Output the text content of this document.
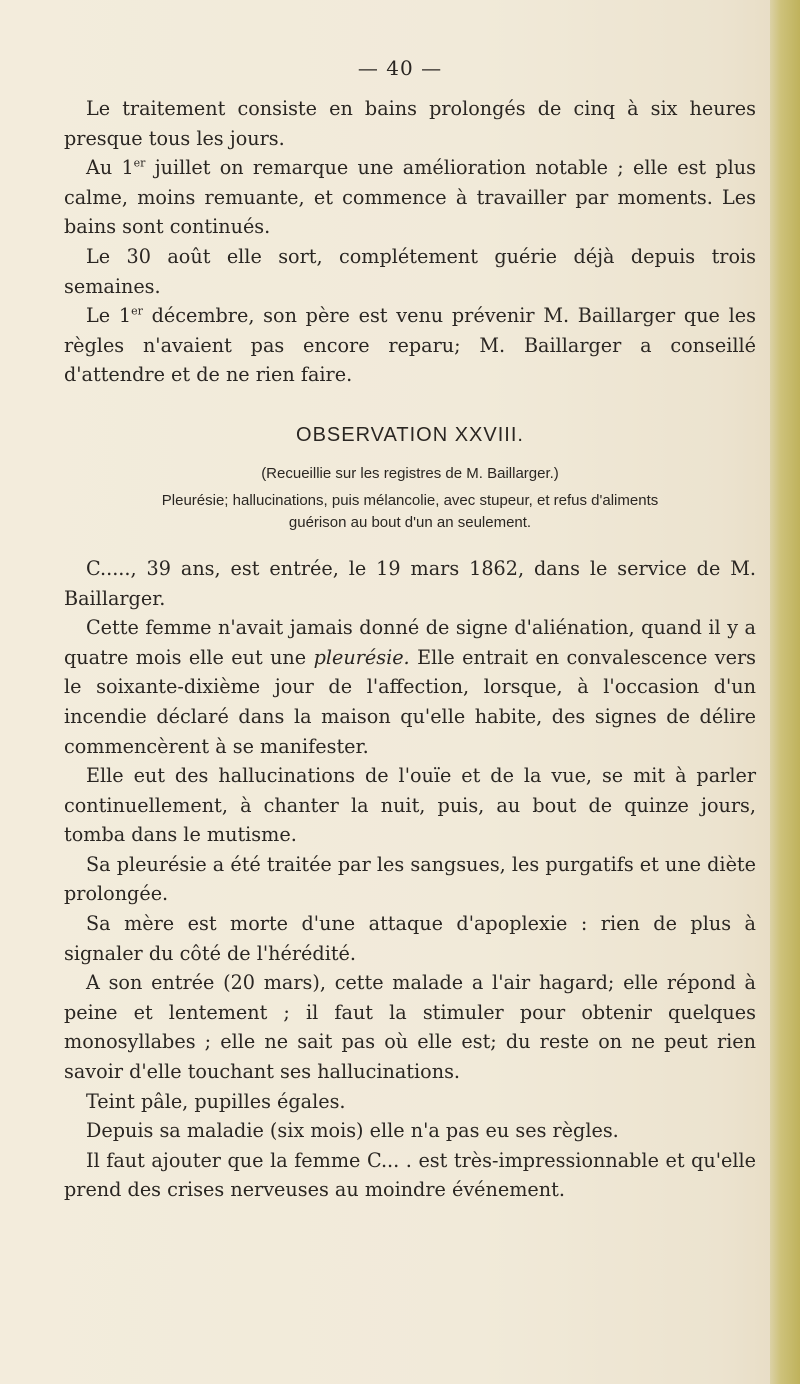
— 40 —

Le traitement consiste en bains prolongés de cinq à six heures presque tous les jours.

Au 1er juillet on remarque une amélioration notable ; elle est plus calme, moins remuante, et commence à travailler par moments. Les bains sont continués.

Le 30 août elle sort, complétement guérie déjà depuis trois semaines.

Le 1er décembre, son père est venu prévenir M. Baillarger que les règles n'avaient pas encore reparu; M. Baillarger a conseillé d'attendre et de ne rien faire.

OBSERVATION XXVIII.
(Recueillie sur les registres de M. Baillarger.)
Pleurésie; hallucinations, puis mélancolie, avec stupeur, et refus d'aliments
guérison au bout d'un an seulement.

C....., 39 ans, est entrée, le 19 mars 1862, dans le service de M. Baillarger.

Cette femme n'avait jamais donné de signe d'aliénation, quand il y a quatre mois elle eut une pleurésie. Elle entrait en convalescence vers le soixante-dixième jour de l'affection, lorsque, à l'occasion d'un incendie déclaré dans la maison qu'elle habite, des signes de délire commencèrent à se manifester.

Elle eut des hallucinations de l'ouïe et de la vue, se mit à parler continuellement, à chanter la nuit, puis, au bout de quinze jours, tomba dans le mutisme.

Sa pleurésie a été traitée par les sangsues, les purgatifs et une diète prolongée.

Sa mère est morte d'une attaque d'apoplexie : rien de plus à signaler du côté de l'hérédité.

A son entrée (20 mars), cette malade a l'air hagard; elle répond à peine et lentement ; il faut la stimuler pour obtenir quelques monosyllabes ; elle ne sait pas où elle est; du reste on ne peut rien savoir d'elle touchant ses hallucinations.

Teint pâle, pupilles égales.

Depuis sa maladie (six mois) elle n'a pas eu ses règles.

Il faut ajouter que la femme C... . est très-impressionnable et qu'elle prend des crises nerveuses au moindre événement.
